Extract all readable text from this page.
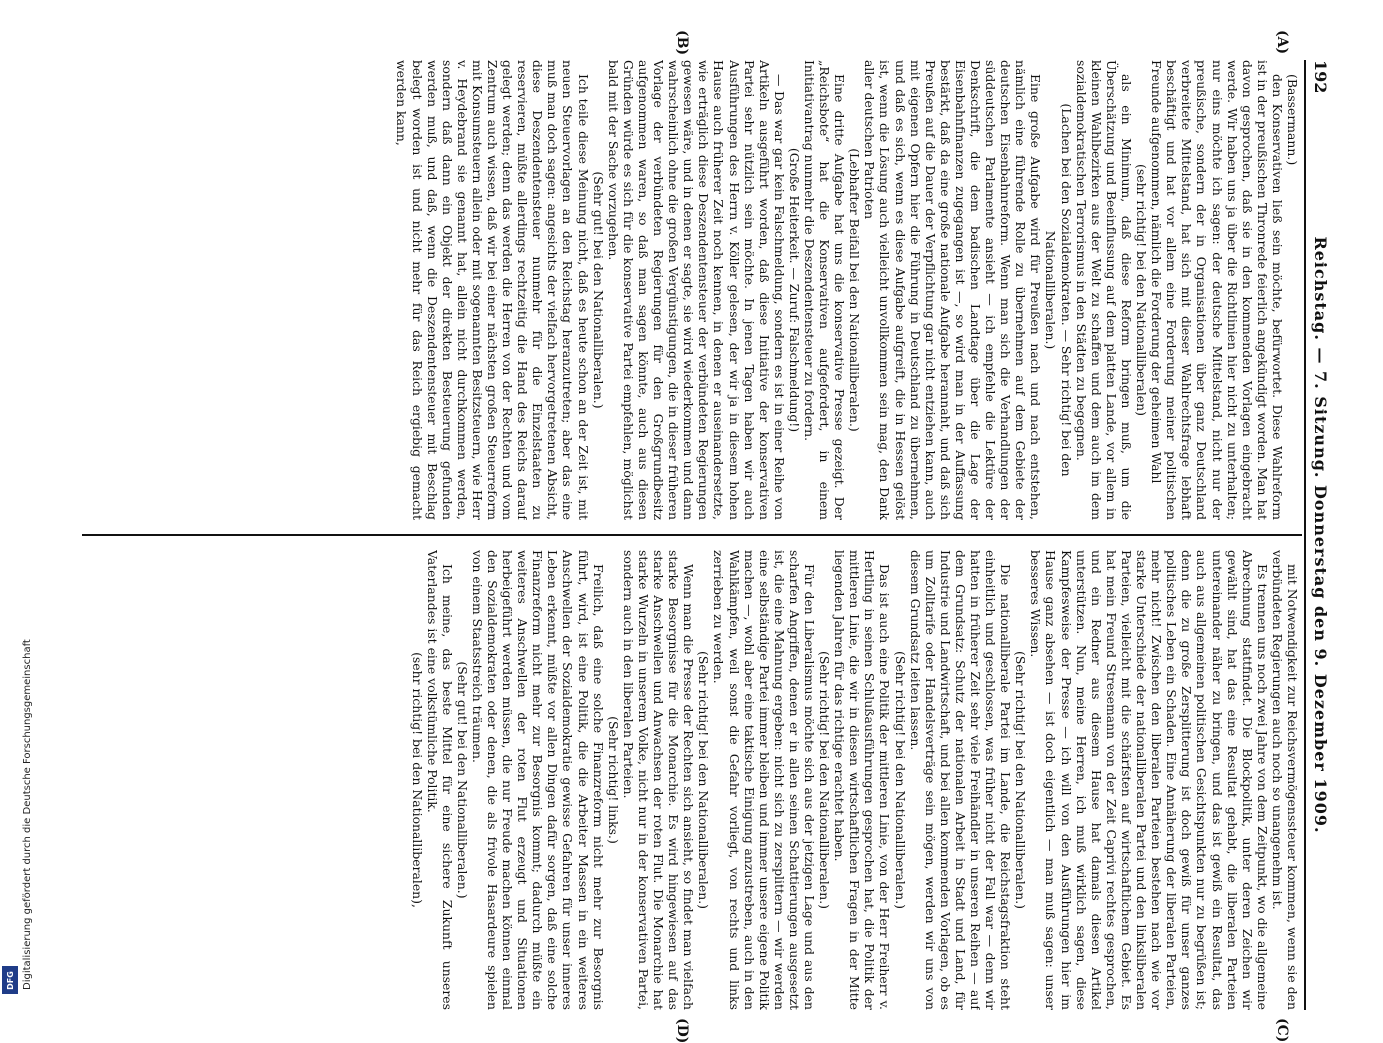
192
Reichstag. — 7. Sitzung. Donnerstag den 9. Dezember 1909.

(Bassermann.)

den Konservativen ließ sein möchte, befürwortet. Diese Wahlreform ist in der preußischen Thronrede feierlich angekündigt worden. Man hat davon gesprochen, daß sie in den kommenden Vorlagen eingebracht werde. Wir haben uns ja über die Richtlinien hier nicht zu unterhalten; nur eins möchte ich sagen: der deutsche Mittelstand, nicht nur der preußische, sondern der in Organisationen über ganz Deutschland verbreitete Mittelstand, hat sich mit dieser Wahlrechtsfrage lebhaft beschäftigt und hat vor allem eine Forderung meiner politischen Freunde aufgenommen, nämlich die Forderung der geheimen Wahl

(sehr richtig! bei den Nationalliberalen)

als ein Minimum, daß diese Reform bringen muß, um die Überschätzung und Beeinflussung auf dem platten Lande, vor allem in kleinen Wahlbezirken aus der Welt zu schaffen und dem auch im dem sozialdemokratischen Terrorismus in den Städten zu begegnen.

(Lachen bei den Sozialdemokraten. — Sehr richtig! bei den Nationalliberalen.)

Eine große Aufgabe wird für Preußen nach und nach entstehen, nämlich eine führende Rolle zu übernehmen auf dem Gebiete der deutschen Eisenbahnreform. Wenn man sich die Verhandlungen der süddeutschen Parlamente ansieht — ich empfehle die Lektüre der Denkschrift, die dem badischen Landtage über die Lage der Eisenbahnfinanzen zugegangen ist —, so wird man in der Auffassung bestärkt, daß da eine große nationale Aufgabe herannaht, und daß sich Preußen auf die Dauer der Verpflichtung gar nicht entziehen kann, auch mit eigenen Opfern hier die Führung in Deutschland zu übernehmen, und daß es sich, wenn es diese Aufgabe aufgreift, die in Hessen gelöst ist, wenn die Lösung auch vielleicht unvollkommen sein mag, den Dank aller deutschen Patrioten

(Lebhafter Beifall bei den Nationalliberalen.)

Eine dritte Aufgabe hat uns die konservative Presse gezeigt. Der „Reichsbote“ hat die Konservativen aufgefordert, in einem Initiativantrag nunmehr die Deszendentensteuer zu fordern.

(Große Heiterkeit. — Zuruf: Falschmeldung!)

— Das war gar kein Falschmeldung, sondern es ist in einer Reihe von Artikeln ausgeführt worden, daß diese Initiative der konservativen Partei sehr nützlich sein möchte. In jenen Tagen haben wir auch Ausführungen des Herrn v. Köller gelesen, der wir ja in diesem hohen Hause auch früherer Zeit noch kennen, in denen er auseinandersetzte, wie erträglich diese Deszendentensteuer der verbündeten Regierungen gewesen wäre, und in denen er sagte, sie wird wiederkommen und dann wahrscheinlich ohne die großen Vergünstigungen, die in dieser früheren Vorlage der verbündeten Regierungen für den Großgrundbesitz aufgenommen waren, so daß man sagen könnte, auch aus diesen Gründen würde es sich für die konservative Partei empfehlen, möglichst bald mit der Sache vorzugehen.

(Sehr gut! bei den Nationalliberalen.)

Ich teile diese Meinung nicht, daß es heute schon an der Zeit ist, mit neuen Steuervorlagen an den Reichstag heranzutreten; aber das eine muß man doch sagen: angesichts der vielfach hervorgetretenen Absicht, diese Deszendentensteuer nunmehr für die Einzelstaaten zu reservieren, müßte allerdings rechtzeitig die Hand des Reichs darauf gelegt werden; denn das werden die Herren von der Rechten und vom Zentrum auch wissen, daß wir bei einer nächsten großen Steuerreform mit Konsumsteuern allein oder mit sogenannten Besitzsteuern, wie Herr v. Heydebrand sie genannt hat, allein nicht durchkommen werden, sondern daß dann ein Objekt der direkten Besteuerung gefunden werden muß, und daß, wenn die Deszendentensteuer mit Beschlag belegt worden ist und nicht mehr für das Reich ergiebig gemacht werden kann,

mit Notwendigkeit zur Reichsvermögenssteuer kommen, wenn sie den verbündeten Regierungen auch noch so unangenehm ist.

Es trennen uns noch zwei Jahre von dem Zeitpunkt, wo die allgemeine Abrechnung stattfindet. Die Blockpolitik, unter deren Zeichen wir gewählt sind, hat das eine Resultat gehabt, die liberalen Parteien untereinander näher zu bringen, und das ist gewiß ein Resultat, das auch aus allgemeinen politischen Gesichtspunkten nur zu begrüßen ist; denn die zu große Zersplitterung ist doch gewiß für unser ganzes politisches Leben ein Schaden. Eine Annäherung der liberalen Parteien, mehr nicht! Zwischen den liberalen Parteien bestehen nach wie vor starke Unterschiede der nationalliberalen Partei und den linksliberalen Parteien, vielleicht mit die schärfsten auf wirtschaftlichem Gebiet. Es hat mein Freund Stresemann von der Zeit Caprivi rechtes gesprochen, und ein Redner aus diesem Hause hat damals diesen Artikel unterstützen. Nun, meine Herren, ich muß wirklich sagen, diese Kampfesweise der Presse — ich will von den Ausführungen hier im Hause ganz absehen — ist doch eigentlich — man muß sagen: unser besseres Wissen.

(Sehr richtig! bei den Nationalliberalen.)

Die nationalliberale Partei im Lande, die Reichstagsfraktion steht einheitlich und geschlossen, was früher nicht der Fall war — denn wir hatten in früherer Zeit sehr viele Freihändler in unseren Reihen — auf dem Grundsatz: Schutz der nationalen Arbeit in Stadt und Land, für Industrie und Landwirtschaft, und bei allen kommenden Vorlagen, ob es um Zolltarife oder Handelsverträge sein mögen, werden wir uns von diesem Grundsatz leiten lassen.

(Sehr richtig! bei den Nationalliberalen.)

Das ist auch eine Politik der mittleren Linie, von der Herr Freiherr v. Hertling in seinen Schlußausführungen gesprochen hat, die Politik der mittleren Linie, die wir in diesen wirtschaftlichen Fragen in der Mitte liegenden Jahren für das richtige erachtet haben.

(Sehr richtig! bei den Nationalliberalen.)

Für den Liberalismus möchte sich aus der jetzigen Lage und aus den scharfen Angriffen, denen er in allen seinen Schattierungen ausgesetzt ist, die eine Mahnung ergeben: nicht sich zu zersplittern — wir werden eine selbständige Partei immer bleiben und immer unsere eigene Politik machen —, wohl aber eine taktische Einigung anzustreben, auch in den Wahlkämpfen, weil sonst die Gefahr vorliegt, von rechts und links zerrieben zu werden.

(Sehr richtig! bei den Nationalliberalen.)

Wenn man die Presse der Rechten sich ansieht, so findet man vielfach starke Besorgnisse für die Monarchie. Es wird hingewiesen auf das starke Anschwellen und Anwachsen der roten Flut. Die Monarchie hat starke Wurzeln in unserem Volke, nicht nur in der konservativen Partei, sondern auch in den liberalen Parteien.

(Sehr richtig! links.)

Freilich, daß eine solche Finanzreform nicht mehr zur Besorgnis führt, wird, ist eine Politik, die die Arbeiter Massen in ein weiteres Anschwellen der Sozialdemokratie gewisse Gefahren für unser inneres Leben erkennt, müßte vor allen Dingen dafür sorgen, daß eine solche Finanzreform nicht mehr zur Besorgnis kommt; dadurch müßte ein weiteres Anschwellen der roten Flut erzeugt und Situationen herbeigeführt werden müssen, die nur Freude machen können einmal den Sozialdemokraten oder denen, die als frivole Hasardeure spielen von einem Staatsstreich träumen.

(Sehr gut! bei den Nationalliberalen.)

Ich meine, das beste Mittel für eine sichere Zukunft unseres Vaterlandes ist eine volkstümliche Politik.

(sehr richtig! bei den Nationalliberalen),

(A)
(B)
(C)
(D)
Digitalisierung gefördert durch die Deutsche Forschungsgemeinschaft
DFG
